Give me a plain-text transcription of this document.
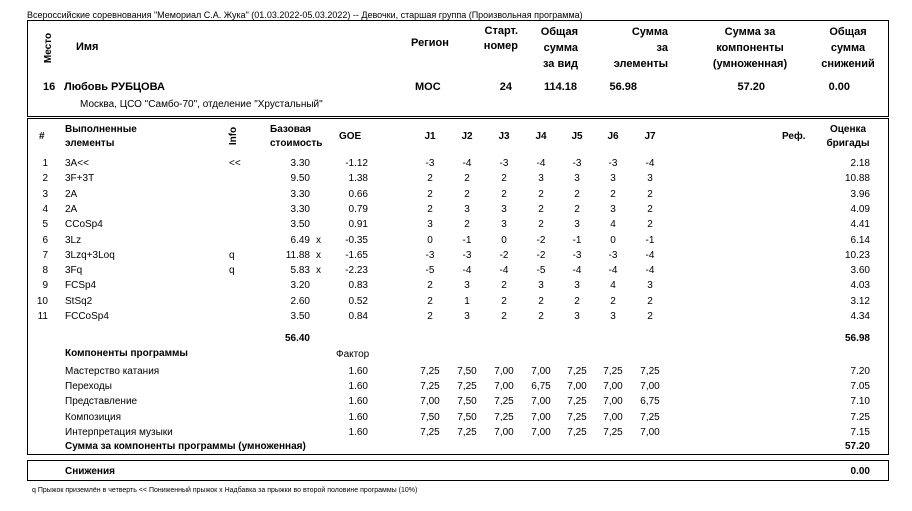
Всероссийские соревнования "Мемориал С.А. Жука" (01.03.2022-05.03.2022) -- Девочки, старшая группа (Произвольная программа)
Место Имя	Регион
Старт.
номер
Общая
сумма
за вид
Сумма
за
элементы
Сумма за
компоненты
(умноженная)
Общая
сумма
снижений
16 Любовь РУБЦОВА
Москва, ЦСО "Самбо-70", отделение "Хрустальный"
MOC	24	114.18	56.98	57.20	0.00
#
Выполненные
элементы	Info	Базовая
стоимость
GOE	J1	J2	J3	J4	J5	J6	J7	Реф.
Оценка
бригады
1 3A<<	<<	3.30	-1.12	-3	-4	-3	-4	-3	-3	-4	2.18
2 3F+3T	9.50	1.38	2	2	2	3	3	3	3	10.88
3 2A	3.30	0.66	2	2	2	2	2	2	2	3.96
4 2A	3.30	0.79	2	3	3	2	2	3	2	4.09
5 CCoSp4	3.50	0.91	3	2	3	2	3	4	2	4.41
6 3Lz	6.49 x	-0.35	0	-1	0	-2	-1	0	-1	6.14
7 3Lzq+3Loq	q	11.88 x	-1.65	-3	-3	-2	-2	-3	-3	-4	10.23
8 3Fq	q	5.83 x	-2.23	-5	-4	-4	-5	-4	-4	-4	3.60
9 FCSp4	3.20	0.83	2	3	2	3	3	4	3	4.03
10 StSq2	2.60	0.52	2	1	2	2	2	2	2	3.12
11 FCCoSp4	3.50	0.84	2	3	2	2	3	3	2	4.34
56.40	56.98
Компоненты программы	Фактор
Мастерство катания	1.60	7,25	7,50	7,00	7,00	7,25	7,25	7,25	7.20
Переходы	1.60	7,25	7,25	7,00	6,75	7,00	7,00	7,00	7.05
Представление	1.60	7,00	7,50	7,25	7,00	7,25	7,00	6,75	7.10
Композиция	1.60	7,50	7,50	7,25	7,00	7,25	7,00	7,25	7.25
Интерпретация музыки	1.60	7,25	7,25	7,00	7,00	7,25	7,25	7,00	7.15
Сумма за компоненты программы (умноженная)	57.20
Снижения	0.00
q Прыжок приземлён в четверть << Пониженный прыжок x Надбавка за прыжки во второй половине программы (10%)
